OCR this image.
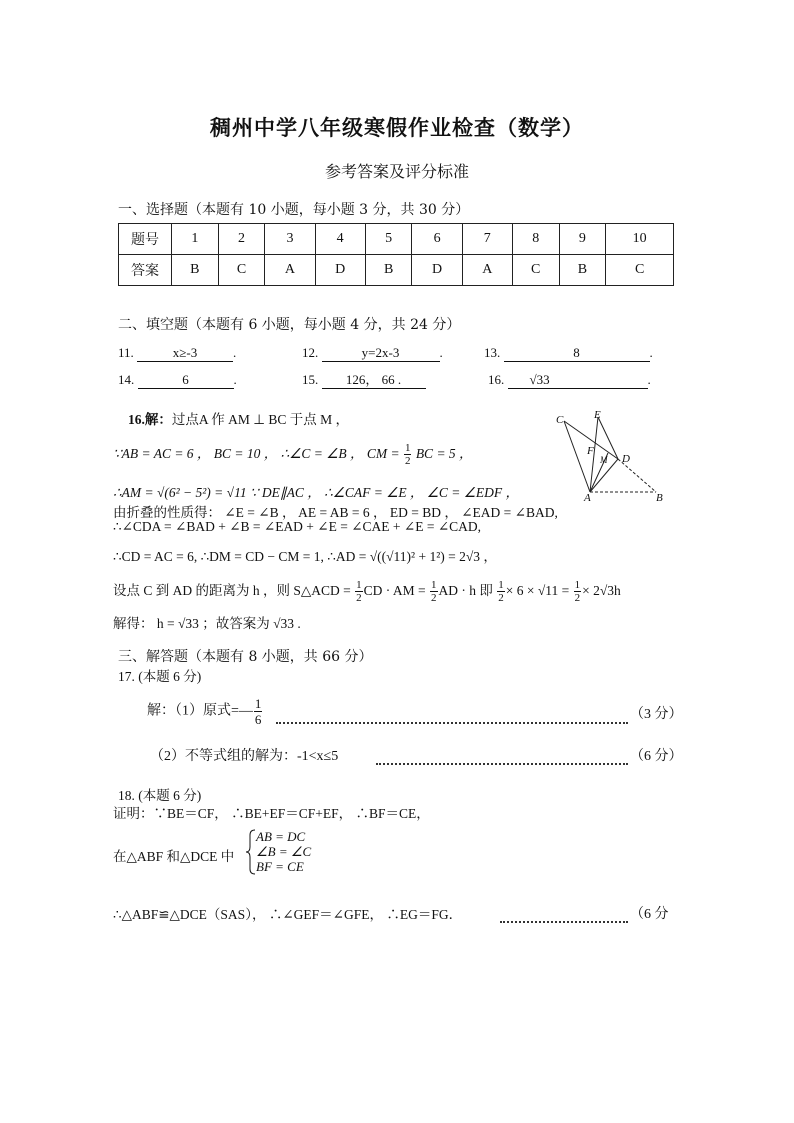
稠州中学八年级寒假作业检查（数学）
参考答案及评分标准
一、选择题（本题有 10 小题，每小题 3 分，共 30 分）
题号	1	2	3	4	5	6	7	8	9	10
答案	B	C	A	D	B	D	A	C	B	C
二、填空题（本题有 6 小题，每小题 4 分，共 24 分）
11.	x≥-3	.	12.	y=2x-3	.	13.	8	.
14.	6	.	15. 126， 66 .	16. √33	.
16.解：过点A 作 AM ⊥ BC 于点 M ，	C	E
F
M D
A	B
∵AB = AC = 6 ， BC = 10 ， ∴∠C = ∠B ， CM = $\frac{1}{2}$ BC = 5 ，
∴AM = √(6² − 5²) = √11 ∵ DE∥AC ， ∴∠CAF = ∠E ， ∠C = ∠EDF ，
由折叠的性质得： ∠E = ∠B ， AE = AB = 6 ， ED = BD ， ∠EAD = ∠BAD,
∴∠CDA = ∠BAD + ∠B = ∠EAD + ∠E = ∠CAE + ∠E = ∠CAD,
∴CD = AC = 6, ∴DM = CD − CM = 1, ∴AD = √((√11)² + 1²) = 2√3 ，
设点 C 到 AD 的距离为 h ，则 S△ACD = $\frac{1}{2}$ CD · AM = $\frac{1}{2}$ AD · h 即 $\frac{1}{2} \times 6 \times √11 = \frac{1}{2} \times 2√3h$
解得： h = √33 ；故答案为 √33 .
三、解答题（本题有 8 小题，共 66 分）
17. (本题 6 分)
解：（1）原式=— $\frac{1}{6}$	（3 分）
（2）不等式组的解为：-1<x≤5	（6 分）
18. (本题 6 分)
证明：∵BE＝CF， ∴BE+EF＝CF+EF， ∴BF＝CE，
在△ABF 和△DCE 中
AB = DC
∠B = ∠C
BF = CE
∴△ABF≌△DCE（SAS）， ∴∠GEF＝∠GFE， ∴EG＝FG．	（6 分
